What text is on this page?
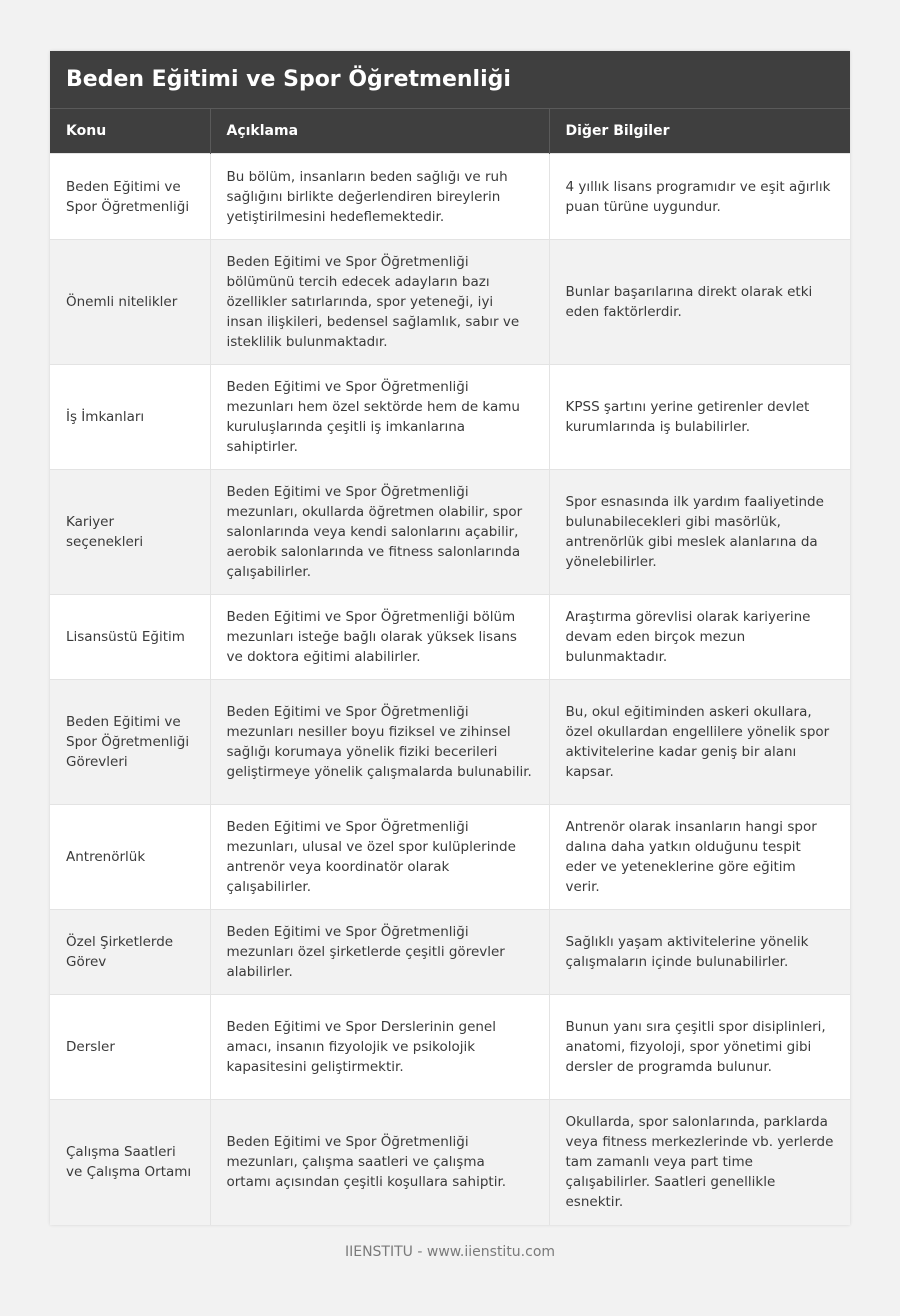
Beden Eğitimi ve Spor Öğretmenliği
Konu	Açıklama	Diğer Bilgiler
Beden Eğitimi ve Spor Öğretmenliği	Bu bölüm, insanların beden sağlığı ve ruh sağlığını birlikte değerlendiren bireylerin yetiştirilmesini hedeflemektedir.	4 yıllık lisans programıdır ve eşit ağırlık puan türüne uygundur.
Önemli nitelikler	Beden Eğitimi ve Spor Öğretmenliği bölümünü tercih edecek adayların bazı özellikler satırlarında, spor yeteneği, iyi insan ilişkileri, bedensel sağlamlık, sabır ve isteklilik bulunmaktadır.	Bunlar başarılarına direkt olarak etki eden faktörlerdir.
İş İmkanları	Beden Eğitimi ve Spor Öğretmenliği mezunları hem özel sektörde hem de kamu kuruluşlarında çeşitli iş imkanlarına sahiptirler.	KPSS şartını yerine getirenler devlet kurumlarında iş bulabilirler.
Kariyer seçenekleri	Beden Eğitimi ve Spor Öğretmenliği mezunları, okullarda öğretmen olabilir, spor salonlarında veya kendi salonlarını açabilir, aerobik salonlarında ve fitness salonlarında çalışabilirler.	Spor esnasında ilk yardım faaliyetinde bulunabilecekleri gibi masörlük, antrenörlük gibi meslek alanlarına da yönelebilirler.
Lisansüstü Eğitim	Beden Eğitimi ve Spor Öğretmenliği bölüm mezunları isteğe bağlı olarak yüksek lisans ve doktora eğitimi alabilirler.	Araştırma görevlisi olarak kariyerine devam eden birçok mezun bulunmaktadır.
Beden Eğitimi ve Spor Öğretmenliği Görevleri	Beden Eğitimi ve Spor Öğretmenliği mezunları nesiller boyu fiziksel ve zihinsel sağlığı korumaya yönelik fiziki becerileri geliştirmeye yönelik çalışmalarda bulunabilir.	Bu, okul eğitiminden askeri okullara, özel okullardan engellilere yönelik spor aktivitelerine kadar geniş bir alanı kapsar.
Antrenörlük	Beden Eğitimi ve Spor Öğretmenliği mezunları, ulusal ve özel spor kulüplerinde antrenör veya koordinatör olarak çalışabilirler.	Antrenör olarak insanların hangi spor dalına daha yatkın olduğunu tespit eder ve yeteneklerine göre eğitim verir.
Özel Şirketlerde Görev	Beden Eğitimi ve Spor Öğretmenliği mezunları özel şirketlerde çeşitli görevler alabilirler.	Sağlıklı yaşam aktivitelerine yönelik çalışmaların içinde bulunabilirler.
Dersler	Beden Eğitimi ve Spor Derslerinin genel amacı, insanın fizyolojik ve psikolojik kapasitesini geliştirmektir.	Bunun yanı sıra çeşitli spor disiplinleri, anatomi, fizyoloji, spor yönetimi gibi dersler de programda bulunur.
Çalışma Saatleri ve Çalışma Ortamı	Beden Eğitimi ve Spor Öğretmenliği mezunları, çalışma saatleri ve çalışma ortamı açısından çeşitli koşullara sahiptir.	Okullarda, spor salonlarında, parklarda veya fitness merkezlerinde vb. yerlerde tam zamanlı veya part time çalışabilirler. Saatleri genellikle esnektir.
IIENSTITU - www.iienstitu.com
